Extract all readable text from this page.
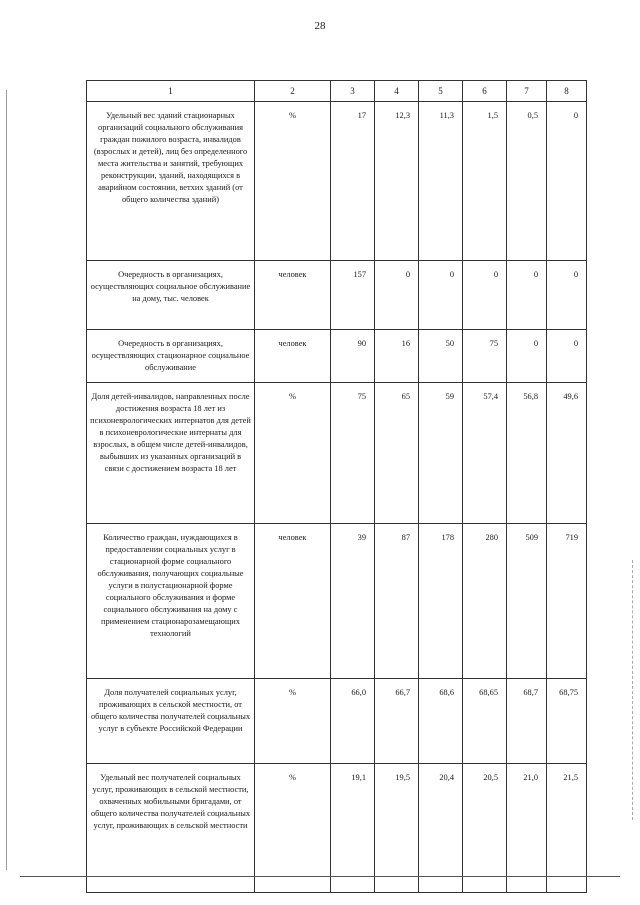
28
1	2	3	4	5	6	7	8
Удельный вес зданий стационарных организаций социального обслуживания граждан пожилого возраста, инвалидов (взрослых и детей), лиц без определенного места жительства и занятий, требующих реконструкции, зданий, находящихся в аварийном состоянии, ветхих зданий (от общего количества зданий)	%	17	12,3	11,3	1,5	0,5	0
Очередность в организациях, осуществляющих социальное обслуживание на дому, тыс. человек	человек	157	0	0	0	0	0
Очередность в организациях, осуществляющих стационарное социальное обслуживание	человек	90	16	50	75	0	0
Доля детей-инвалидов, направленных после достижения возраста 18 лет из психоневрологических интернатов для детей в психоневрологические интернаты для взрослых, в общем числе детей-инвалидов, выбывших из указанных организаций в связи с достижением возраста 18 лет	%	75	65	59	57,4	56,8	49,6
Количество граждан, нуждающихся в предоставлении социальных услуг в стационарной форме социального обслуживания, получающих социальные услуги в полустационарной форме социального обслуживания и форме социального обслуживания на дому с применением стационарозамещающих технологий	человек	39	87	178	280	509	719
Доля получателей социальных услуг, проживающих в сельской местности, от общего количества получателей социальных услуг в субъекте Российской Федерации	%	66,0	66,7	68,6	68,65	68,7	68,75
Удельный вес получателей социальных услуг, проживающих в сельской местности, охваченных мобильными бригадами, от общего количества получателей социальных услуг, проживающих в сельской местности	%	19,1	19,5	20,4	20,5	21,0	21,5
